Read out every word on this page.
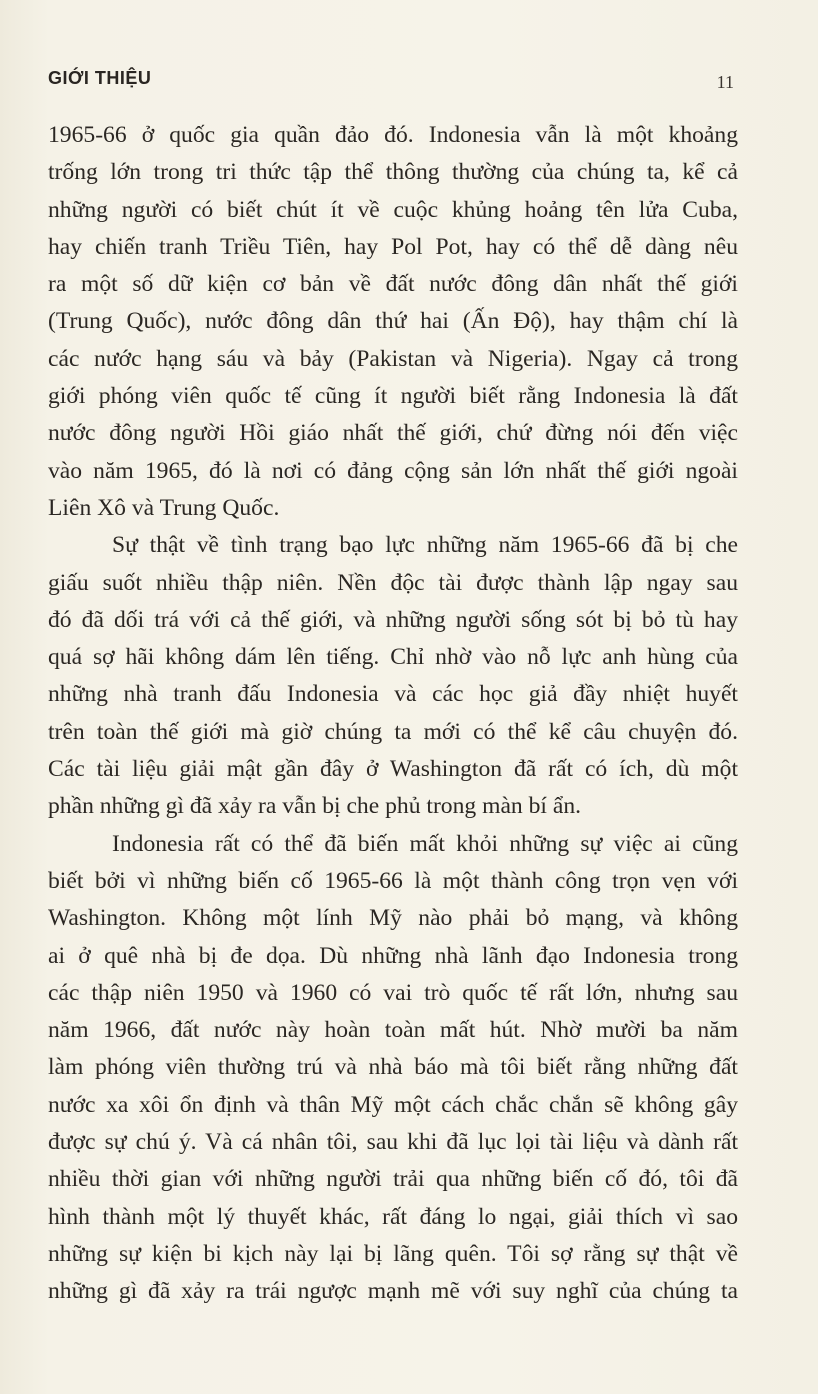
GIỚI THIỆU	11
1965-66 ở quốc gia quần đảo đó. Indonesia vẫn là một khoảng
trống lớn trong tri thức tập thể thông thường của chúng ta, kể cả
những người có biết chút ít về cuộc khủng hoảng tên lửa Cuba,
hay chiến tranh Triều Tiên, hay Pol Pot, hay có thể dễ dàng nêu
ra một số dữ kiện cơ bản về đất nước đông dân nhất thế giới
(Trung Quốc), nước đông dân thứ hai (Ấn Độ), hay thậm chí là
các nước hạng sáu và bảy (Pakistan và Nigeria). Ngay cả trong
giới phóng viên quốc tế cũng ít người biết rằng Indonesia là đất
nước đông người Hồi giáo nhất thế giới, chứ đừng nói đến việc
vào năm 1965, đó là nơi có đảng cộng sản lớn nhất thế giới ngoài
Liên Xô và Trung Quốc.
Sự thật về tình trạng bạo lực những năm 1965-66 đã bị che
giấu suốt nhiều thập niên. Nền độc tài được thành lập ngay sau
đó đã dối trá với cả thế giới, và những người sống sót bị bỏ tù hay
quá sợ hãi không dám lên tiếng. Chỉ nhờ vào nỗ lực anh hùng của
những nhà tranh đấu Indonesia và các học giả đầy nhiệt huyết
trên toàn thế giới mà giờ chúng ta mới có thể kể câu chuyện đó.
Các tài liệu giải mật gần đây ở Washington đã rất có ích, dù một
phần những gì đã xảy ra vẫn bị che phủ trong màn bí ẩn.
Indonesia rất có thể đã biến mất khỏi những sự việc ai cũng
biết bởi vì những biến cố 1965-66 là một thành công trọn vẹn với
Washington. Không một lính Mỹ nào phải bỏ mạng, và không
ai ở quê nhà bị đe dọa. Dù những nhà lãnh đạo Indonesia trong
các thập niên 1950 và 1960 có vai trò quốc tế rất lớn, nhưng sau
năm 1966, đất nước này hoàn toàn mất hút. Nhờ mười ba năm
làm phóng viên thường trú và nhà báo mà tôi biết rằng những đất
nước xa xôi ổn định và thân Mỹ một cách chắc chắn sẽ không gây
được sự chú ý. Và cá nhân tôi, sau khi đã lục lọi tài liệu và dành rất
nhiều thời gian với những người trải qua những biến cố đó, tôi đã
hình thành một lý thuyết khác, rất đáng lo ngại, giải thích vì sao
những sự kiện bi kịch này lại bị lãng quên. Tôi sợ rằng sự thật về
những gì đã xảy ra trái ngược mạnh mẽ với suy nghĩ của chúng ta
